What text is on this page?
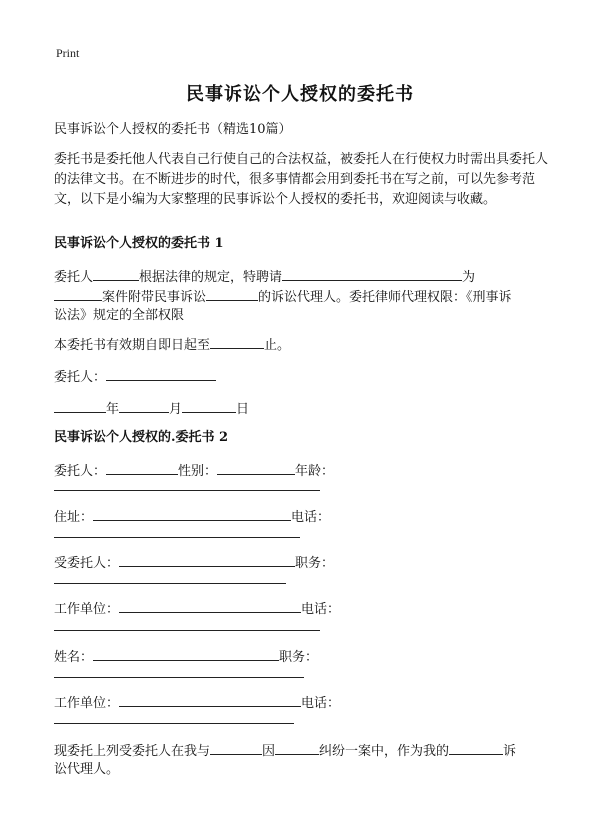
Print
民事诉讼个人授权的委托书
民事诉讼个人授权的委托书（精选10篇）
委托书是委托他人代表自己行使自己的合法权益，被委托人在行使权力时需出具委托人的法律文书。在不断进步的时代，很多事情都会用到委托书在写之前，可以先参考范文，以下是小编为大家整理的民事诉讼个人授权的委托书，欢迎阅读与收藏。
民事诉讼个人授权的委托书 1
委托人	根据法律的规定，特聘请	为
案件附带民事诉讼	的诉讼代理人。委托律师代理权限：《刑事诉
讼法》规定的全部权限
本委托书有效期自即日起至	止。
委托人：
年	月	日
民事诉讼个人授权的.委托书 2
委托人：	性别：	年龄：
住址：	电话：
受委托人：	职务：
工作单位：	电话：
姓名：	职务：
工作单位：	电话：
现委托上列受委托人在我与	因	纠纷一案中，作为我的	诉
讼代理人。
